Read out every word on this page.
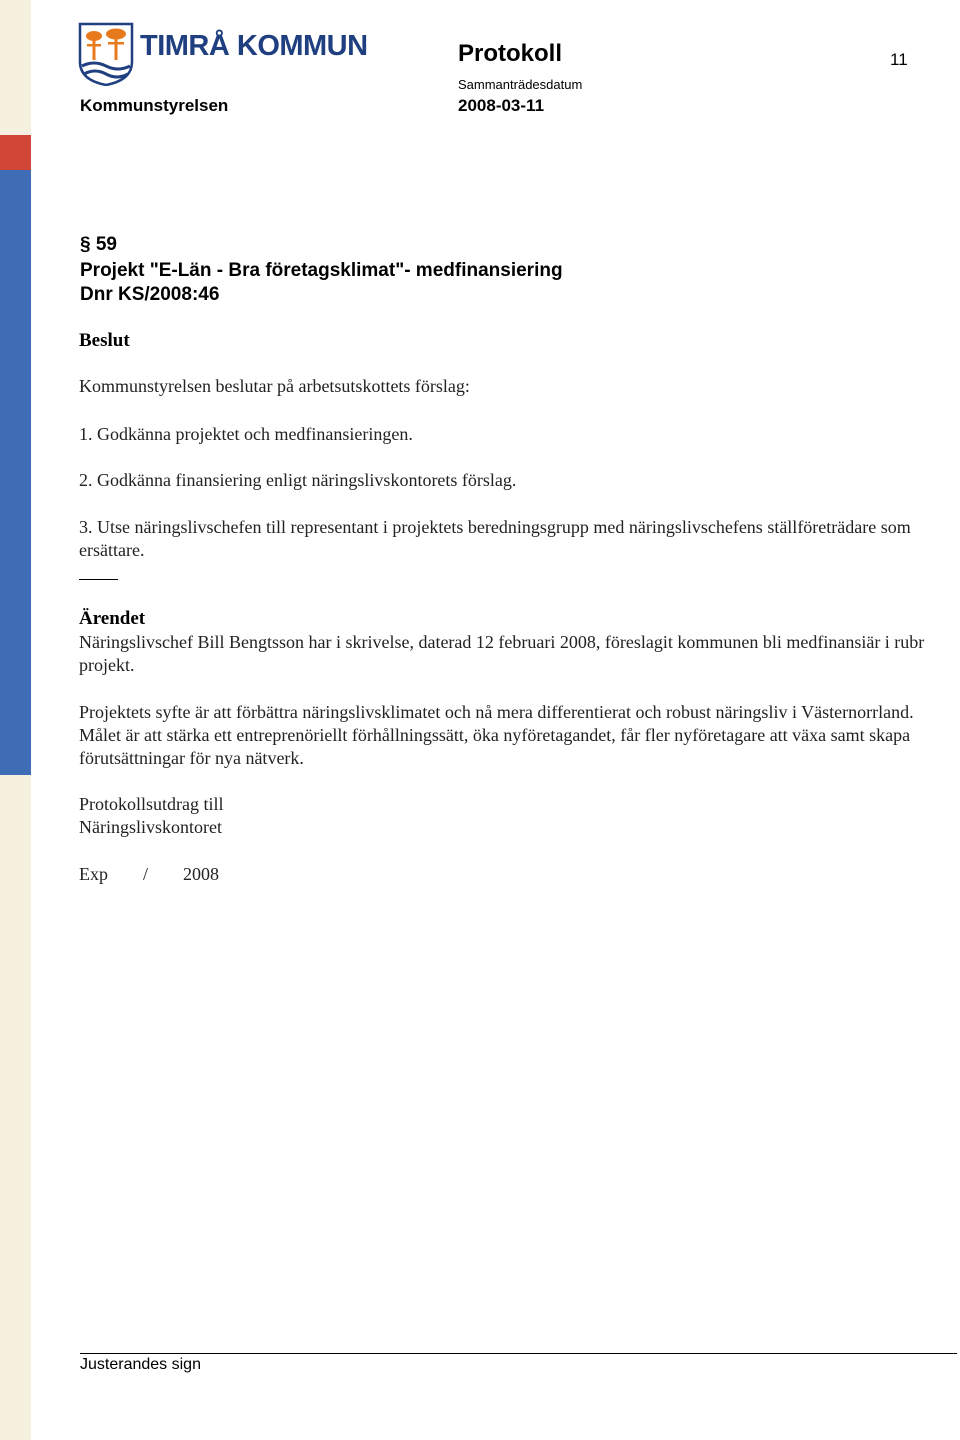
TIMRÅ KOMMUN	Protokoll	11
Sammanträdesdatum
Kommunstyrelsen	2008-03-11
§ 59
Projekt "E-Län - Bra företagsklimat"- medfinansiering
Dnr KS/2008:46
Beslut
Kommunstyrelsen beslutar på arbetsutskottets förslag:
1. Godkänna projektet och medfinansieringen.
2. Godkänna finansiering enligt näringslivskontorets förslag.
3. Utse näringslivschefen till representant i projektets beredningsgrupp med näringslivschefens ställföreträdare som ersättare.
Ärendet
Näringslivschef Bill Bengtsson har i skrivelse, daterad 12 februari 2008, föreslagit kommunen bli medfinansiär i rubr projekt.
Projektets syfte är att förbättra näringslivsklimatet och nå mera differentierat och robust näringsliv i Västernorrland. Målet är att stärka ett entreprenöriellt förhållningssätt, öka nyföretagandet, får fler nyföretagare att växa samt skapa förutsättningar för nya nätverk.
Protokollsutdrag till
Näringslivskontoret
Exp / 2008
Justerandes sign
